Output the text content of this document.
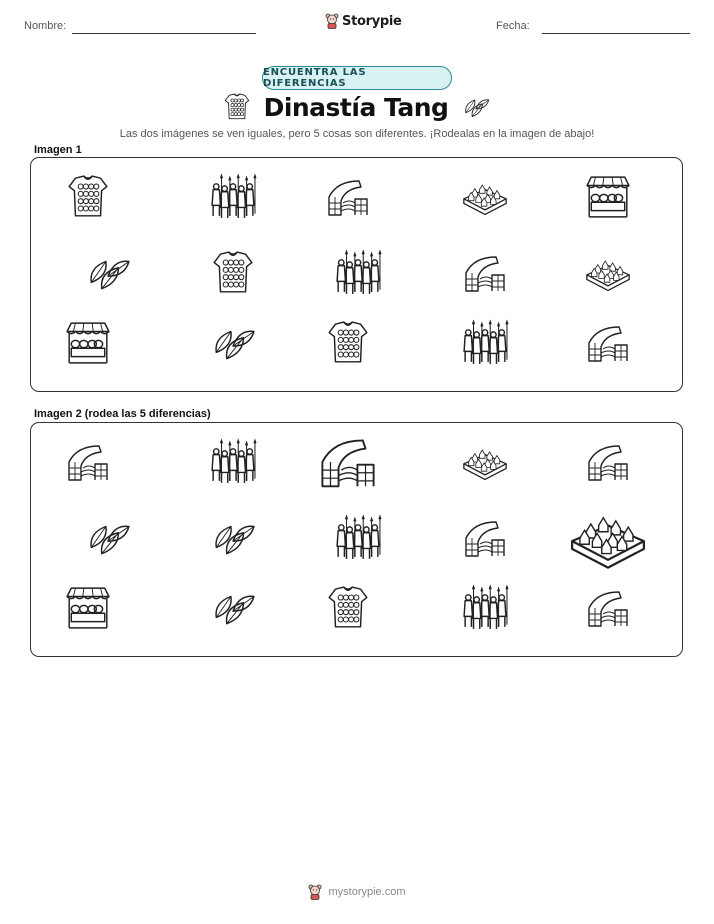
Nombre:	Storypie	Fecha:
ENCUENTRA LAS DIFERENCIAS
Dinastía Tang
Las dos imágenes se ven iguales, pero 5 cosas son diferentes. ¡Rodealas en la imagen de abajo!
Imagen 1
Imagen 2 (rodea las 5 diferencias)
mystorypie.com
